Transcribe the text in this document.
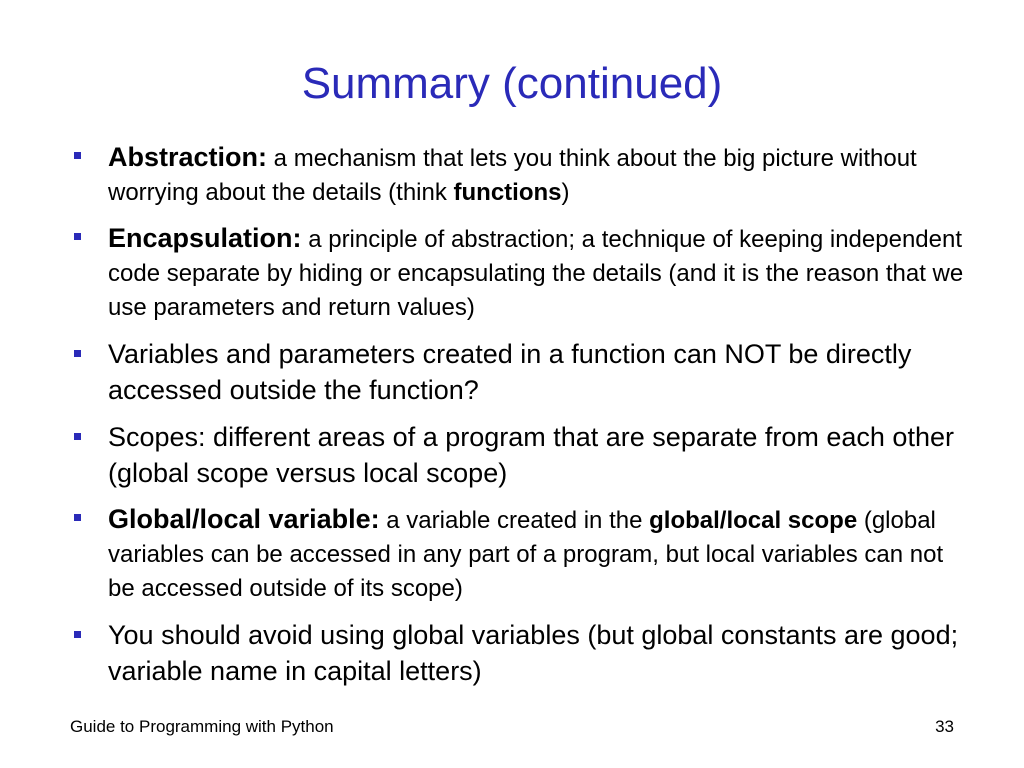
Summary (continued)
Abstraction: a mechanism that lets you think about the big picture without worrying about the details (think functions)
Encapsulation: a principle of abstraction; a technique of keeping independent code separate by hiding or encapsulating the details (and it is the reason that we use parameters and return values)
Variables and parameters created in a function can NOT be directly accessed outside the function?
Scopes: different areas of a program that are separate from each other (global scope versus local scope)
Global/local variable: a variable created in the global/local scope (global variables can be accessed in any part of a program, but local variables can not be accessed outside of its scope)
You should avoid using global variables (but global constants are good; variable name in capital letters)
Guide to Programming with Python	33
